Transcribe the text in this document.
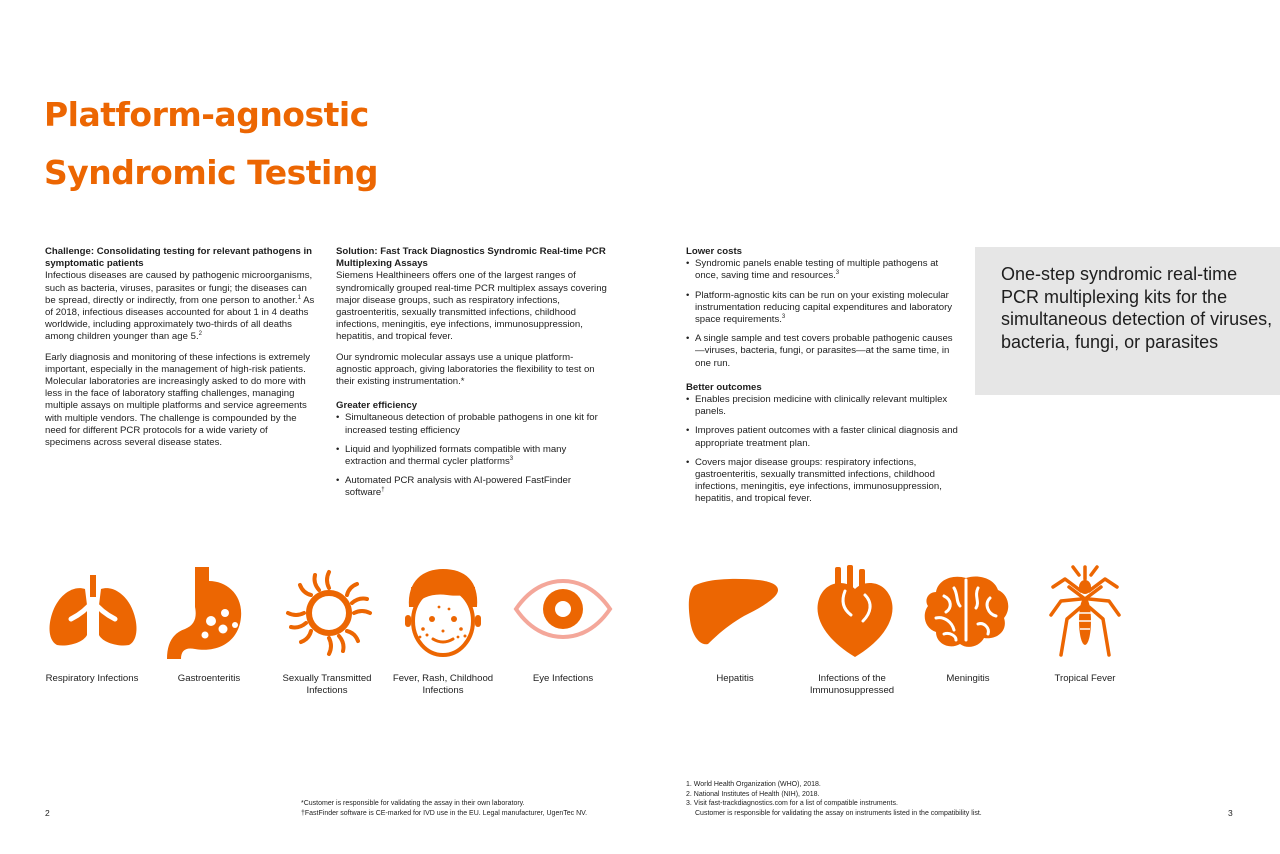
Platform-agnostic
Syndromic Testing
Challenge: Consolidating testing for relevant pathogens in symptomatic patients

Infectious diseases are caused by pathogenic microorganisms, such as bacteria, viruses, parasites or fungi; the diseases can be spread, directly or indirectly, from one person to another.$^1$ As of 2018, infectious diseases accounted for about 1 in 4 deaths worldwide, including approximately two-thirds of all deaths among children younger than age 5.$^2$

Early diagnosis and monitoring of these infections is extremely important, especially in the management of high-risk patients. Molecular laboratories are increasingly asked to do more with less in the face of laboratory staffing challenges, managing multiple assays on multiple platforms and service agreements with multiple vendors. The challenge is compounded by the need for different PCR protocols for a wide variety of specimens across several disease states.

Solution: Fast Track Diagnostics Syndromic Real-time PCR Multiplexing Assays

Siemens Healthineers offers one of the largest ranges of syndromically grouped real-time PCR multiplex assays covering major disease groups, such as respiratory infections, gastroenteritis, sexually transmitted infections, childhood infections, meningitis, eye infections, immunosuppression, hepatitis, and tropical fever.

Our syndromic molecular assays use a unique platform-agnostic approach, giving laboratories the flexibility to test on their existing instrumentation.*

Greater efficiency
• Simultaneous detection of probable pathogens in one kit for increased testing efficiency
• Liquid and lyophilized formats compatible with many extraction and thermal cycler platforms$^3$
• Automated PCR analysis with AI-powered FastFinder software†
Lower costs
• Syndromic panels enable testing of multiple pathogens at once, saving time and resources.$^3$
• Platform-agnostic kits can be run on your existing molecular instrumentation reducing capital expenditures and laboratory space requirements.$^3$
• A single sample and test covers probable pathogenic causes—viruses, bacteria, fungi, or parasites—at the same time, in one run.
Better outcomes
• Enables precision medicine with clinically relevant multiplex panels.
• Improves patient outcomes with a faster clinical diagnosis and appropriate treatment plan.
• Covers major disease groups: respiratory infections, gastroenteritis, sexually transmitted infections, childhood infections, meningitis, eye infections, immunosuppression, hepatitis, and tropical fever.
One-step syndromic real-time PCR multiplexing kits for the simultaneous detection of viruses, bacteria, fungi, or parasites
Respiratory Infections	Gastroenteritis	Sexually Transmitted Infections
Fever, Rash, Childhood Infections
Eye Infections	Hepatitis	Infections of the Immunosuppressed
Meningitis	Tropical Fever
*Customer is responsible for validating the assay in their own laboratory.
†FastFinder software is CE-marked for IVD use in the EU. Legal manufacturer, UgenTec NV.
1. World Health Organization (WHO), 2018.
2. National Institutes of Health (NIH), 2018.
3. Visit fast-trackdiagnostics.com for a list of compatible instruments.
Customer is responsible for validating the assay on instruments listed in the compatibility list.
2	3
